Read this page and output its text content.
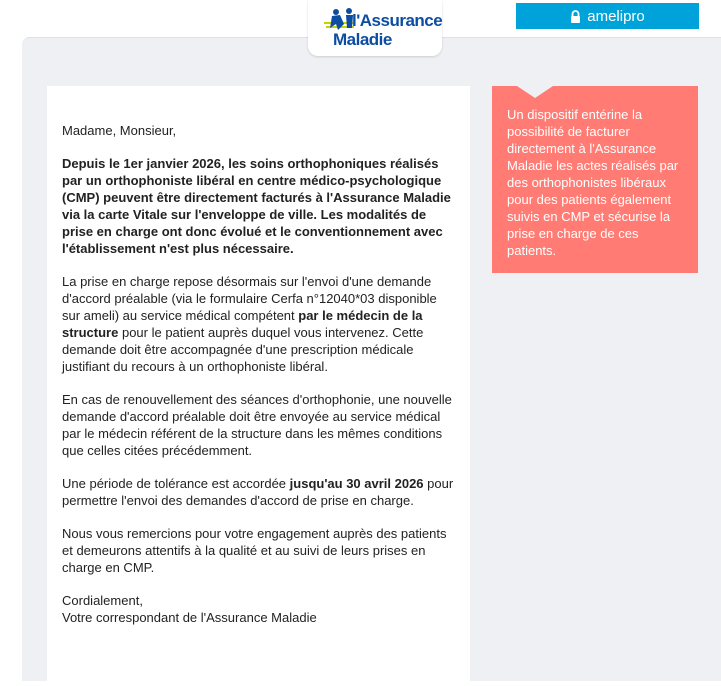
l'Assurance
Maladie
amelipro

Madame, Monsieur,

Depuis le 1er janvier 2026, les soins orthophoniques réalisés par un orthophoniste libéral en centre médico-psychologique (CMP) peuvent être directement facturés à l'Assurance Maladie via la carte Vitale sur l'enveloppe de ville. Les modalités de prise en charge ont donc évolué et le conventionnement avec l'établissement n'est plus nécessaire.

La prise en charge repose désormais sur l'envoi d'une demande d'accord préalable (via le formulaire Cerfa n°12040*03 disponible sur ameli) au service médical compétent par le médecin de la structure pour le patient auprès duquel vous intervenez. Cette demande doit être accompagnée d'une prescription médicale justifiant du recours à un orthophoniste libéral.

En cas de renouvellement des séances d'orthophonie, une nouvelle demande d'accord préalable doit être envoyée au service médical par le médecin référent de la structure dans les mêmes conditions que celles citées précédemment.

Une période de tolérance est accordée jusqu'au 30 avril 2026 pour permettre l'envoi des demandes d'accord de prise en charge.

Nous vous remercions pour votre engagement auprès des patients et demeurons attentifs à la qualité et au suivi de leurs prises en charge en CMP.

Cordialement,
Votre correspondant de l'Assurance Maladie

Un dispositif entérine la possibilité de facturer directement à l'Assurance Maladie les actes réalisés par des orthophonistes libéraux pour des patients également suivis en CMP et sécurise la prise en charge de ces patients.
